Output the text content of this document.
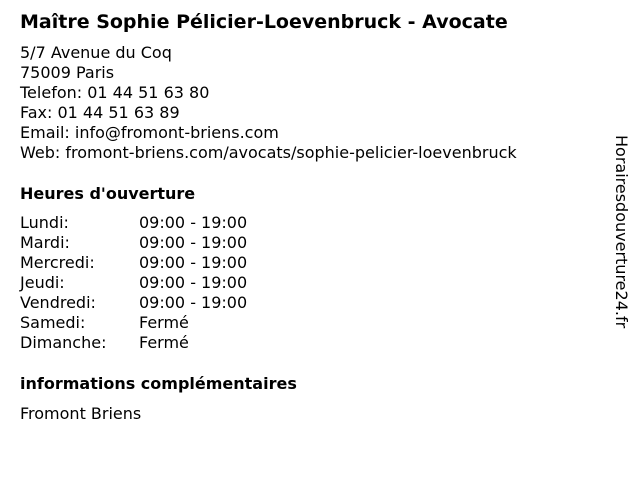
Maître Sophie Pélicier-Loevenbruck - Avocate
5/7 Avenue du Coq
75009 Paris
Telefon: 01 44 51 63 80
Fax: 01 44 51 63 89
Email: info@fromont-briens.com
Web: fromont-briens.com/avocats/sophie-pelicier-loevenbruck
Heures d'ouverture
Lundi:	09:00 - 19:00
Mardi:	09:00 - 19:00
Mercredi:	09:00 - 19:00
Jeudi:	09:00 - 19:00
Vendredi:	09:00 - 19:00
Samedi:	Fermé
Dimanche: Fermé
informations complémentaires
Fromont Briens
Horairesdouverture24.fr
